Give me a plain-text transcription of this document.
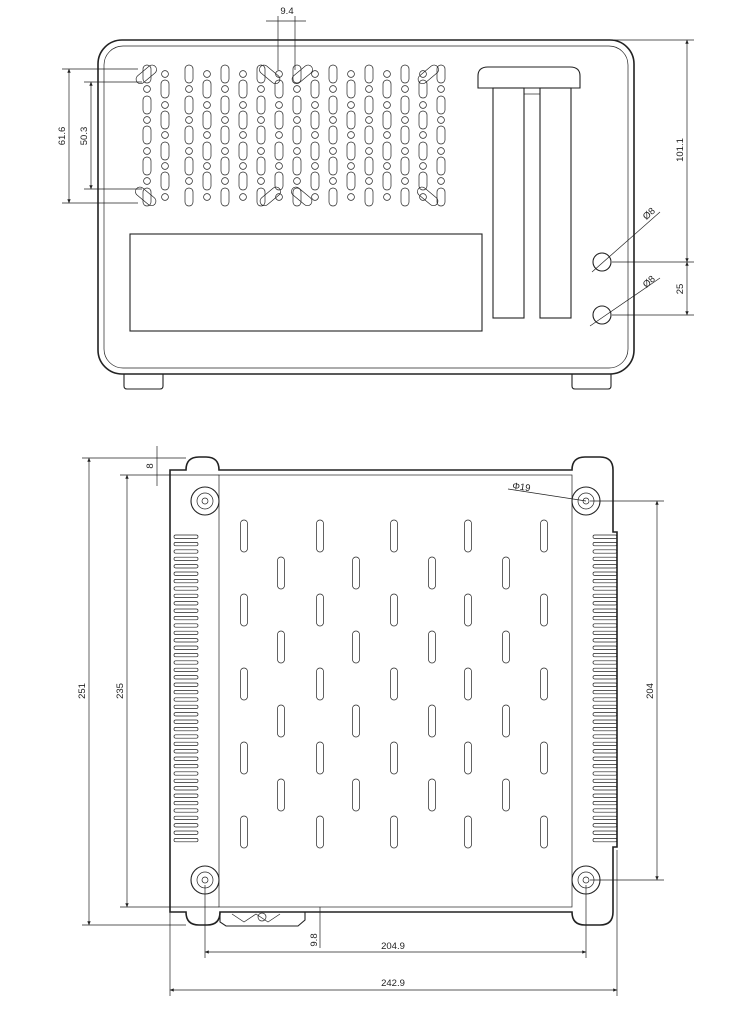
9.4
61.6 50.3
101.1
25
Ø8
Ø8
8
251	235	204
Φ19
9.8	204.9
242.9
